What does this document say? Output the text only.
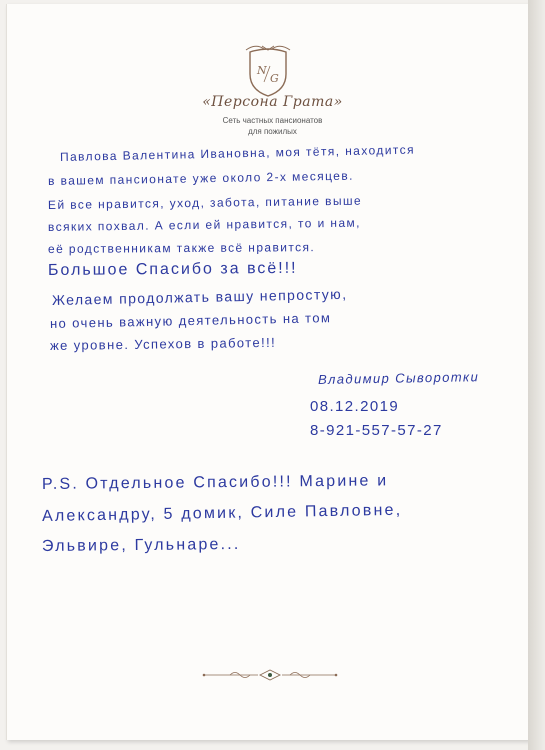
N
G
«Персона Грата»
Сеть частных пансионатов
для пожилых
Павлова Валентина Ивановна, моя тётя, находится
в вашем пансионате уже около 2-х месяцев.
Ей все нравится, уход, забота, питание выше
всяких похвал. А если ей нравится, то и нам,
её родственникам также всё нравится.
Большое Спасибо за всё!!!
Желаем продолжать вашу непростую,
но очень важную деятельность на том
же уровне. Успехов в работе!!!
Владимир Сыворотки
08.12.2019
8-921-557-57-27
P.S. Отдельное Спасибо!!! Марине и
Александру, 5 домик, Силе Павловне,
Эльвире, Гульнаре...
